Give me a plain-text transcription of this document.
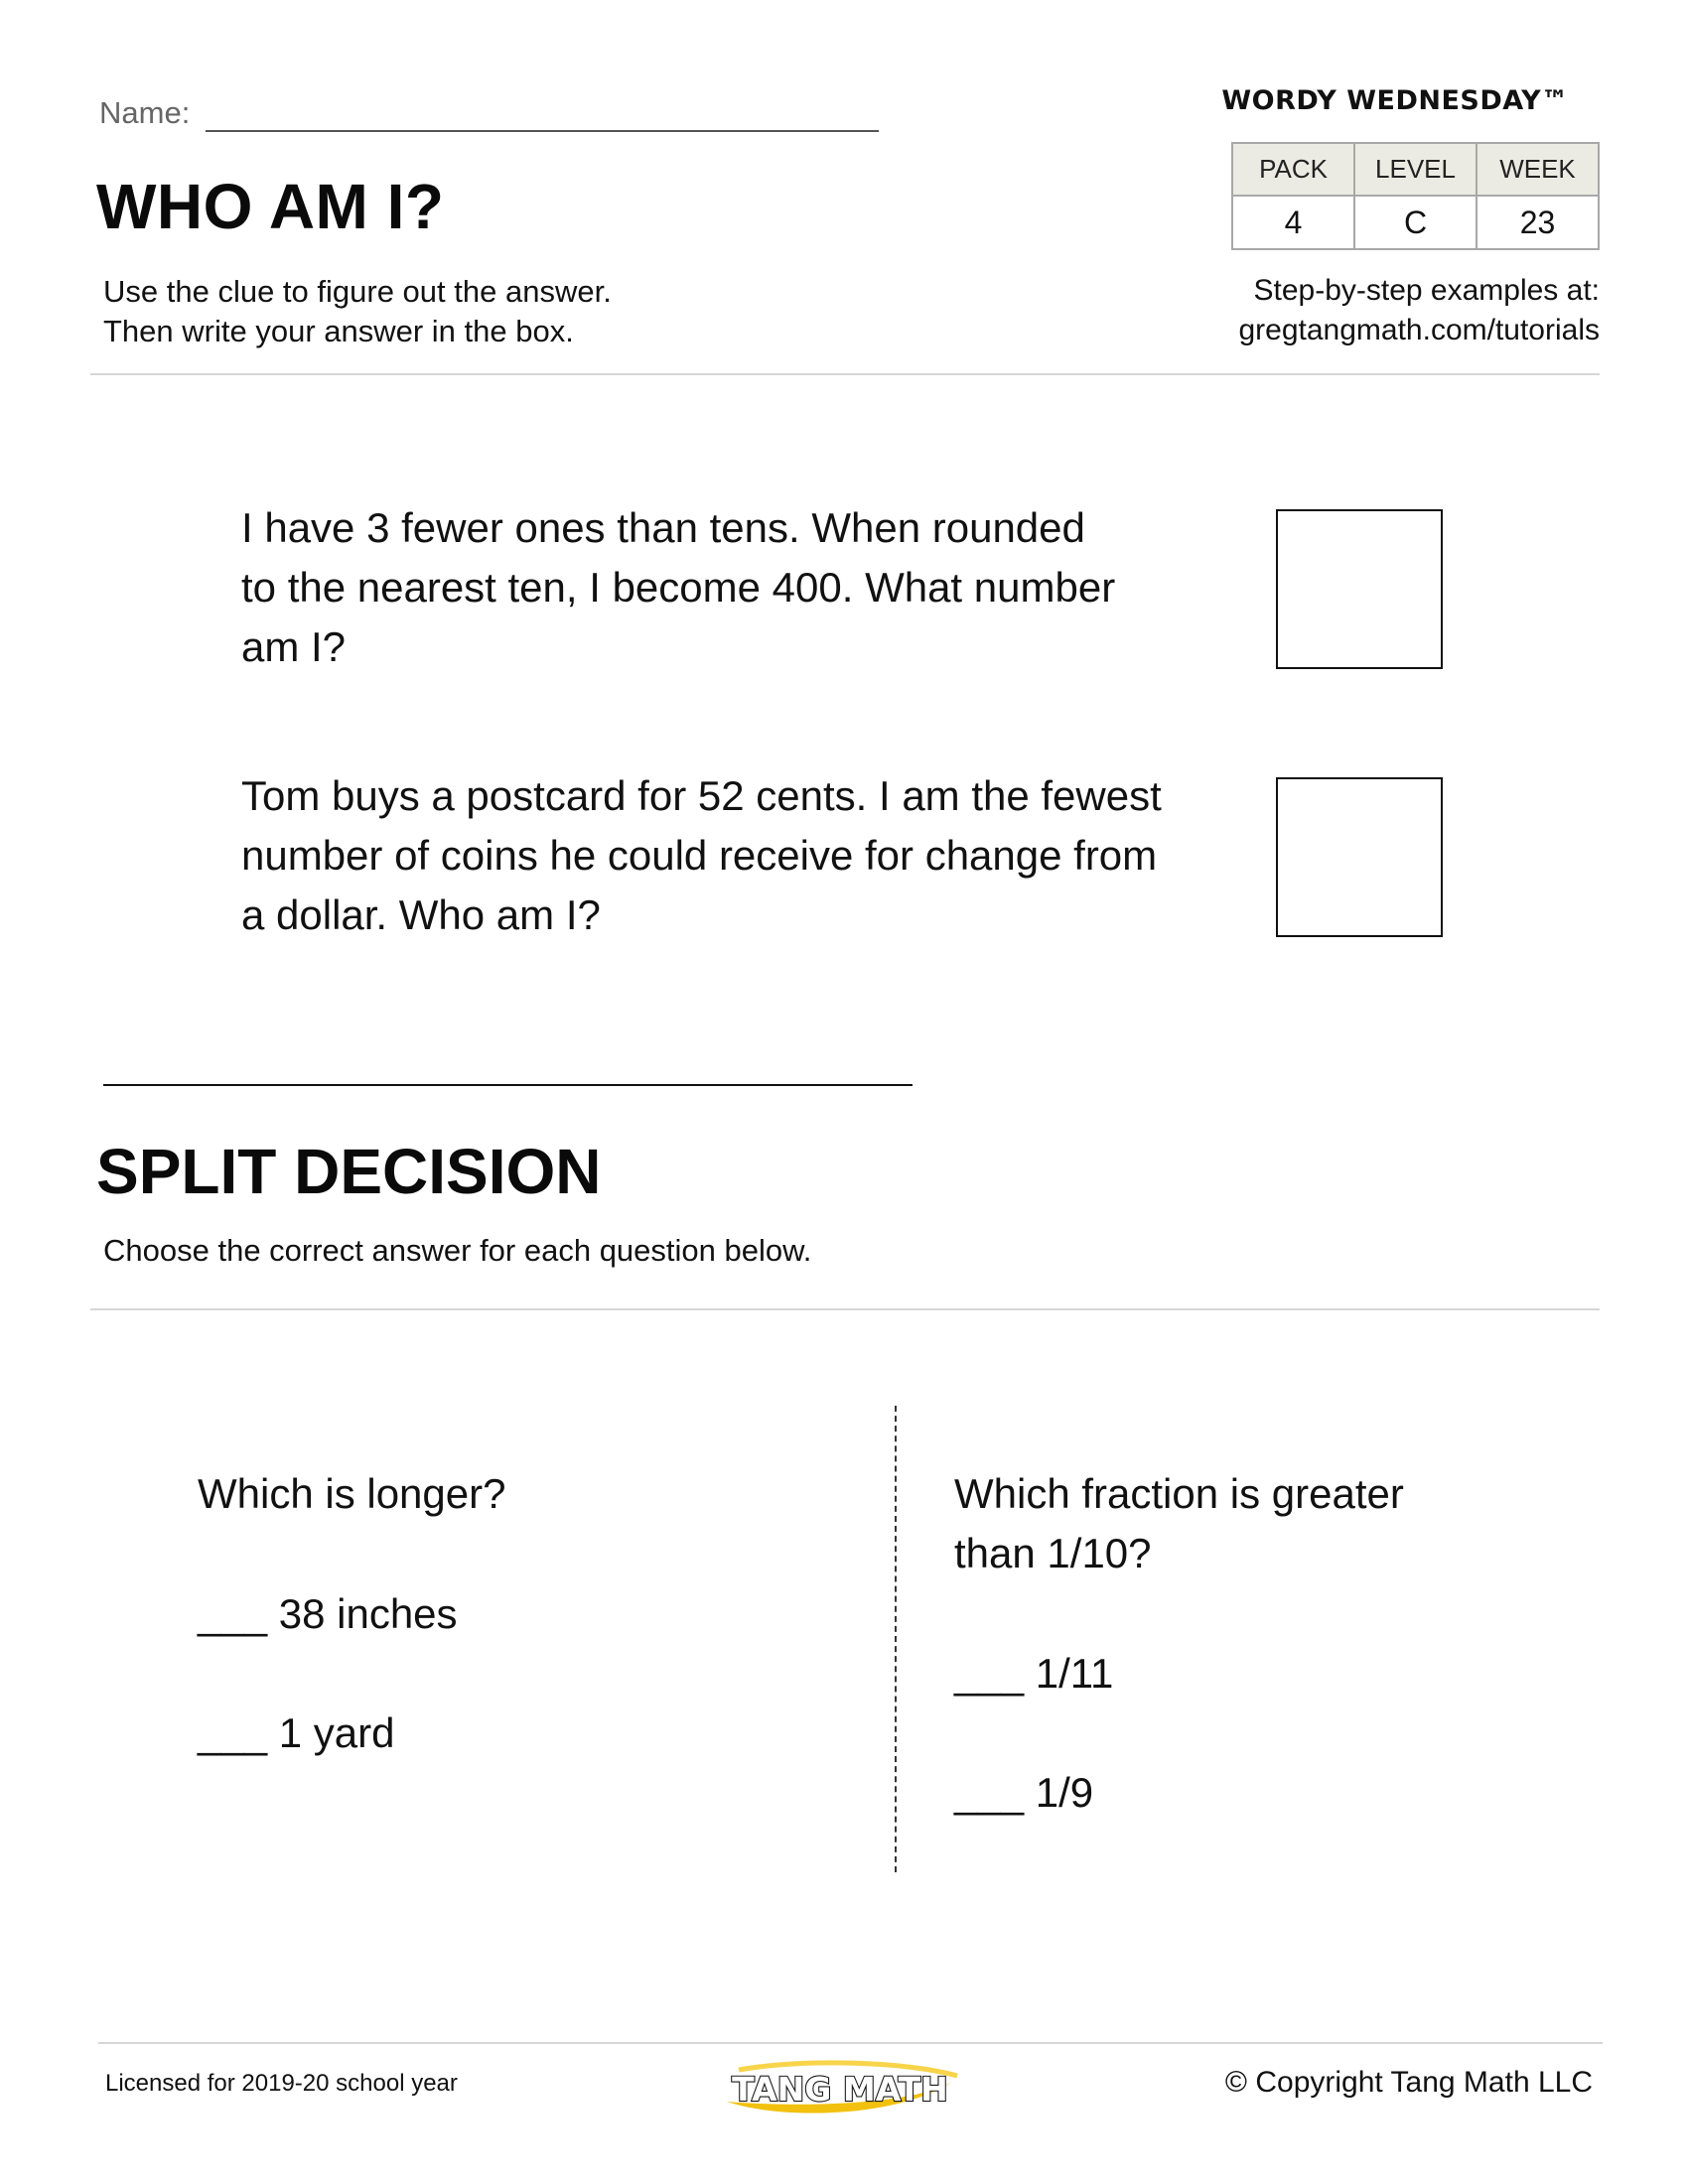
Name:
WHO AM I?
Use the clue to figure out the answer.
Then write your answer in the box.
WORDY WEDNESDAY™
PACK	LEVEL	WEEK
4	C	23
Step-by-step examples at:
gregtangmath.com/tutorials
I have 3 fewer ones than tens. When rounded
to the nearest ten, I become 400. What number
am I?
Tom buys a postcard for 52 cents. I am the fewest
number of coins he could receive for change from
a dollar. Who am I?
SPLIT DECISION
Choose the correct answer for each question below.
Which is longer?
___ 38 inches
___ 1 yard
Which fraction is greater
than 1/10?
___ 1/11
___ 1/9
Licensed for 2019-20 school year	TANG MATH	© Copyright Tang Math LLC
